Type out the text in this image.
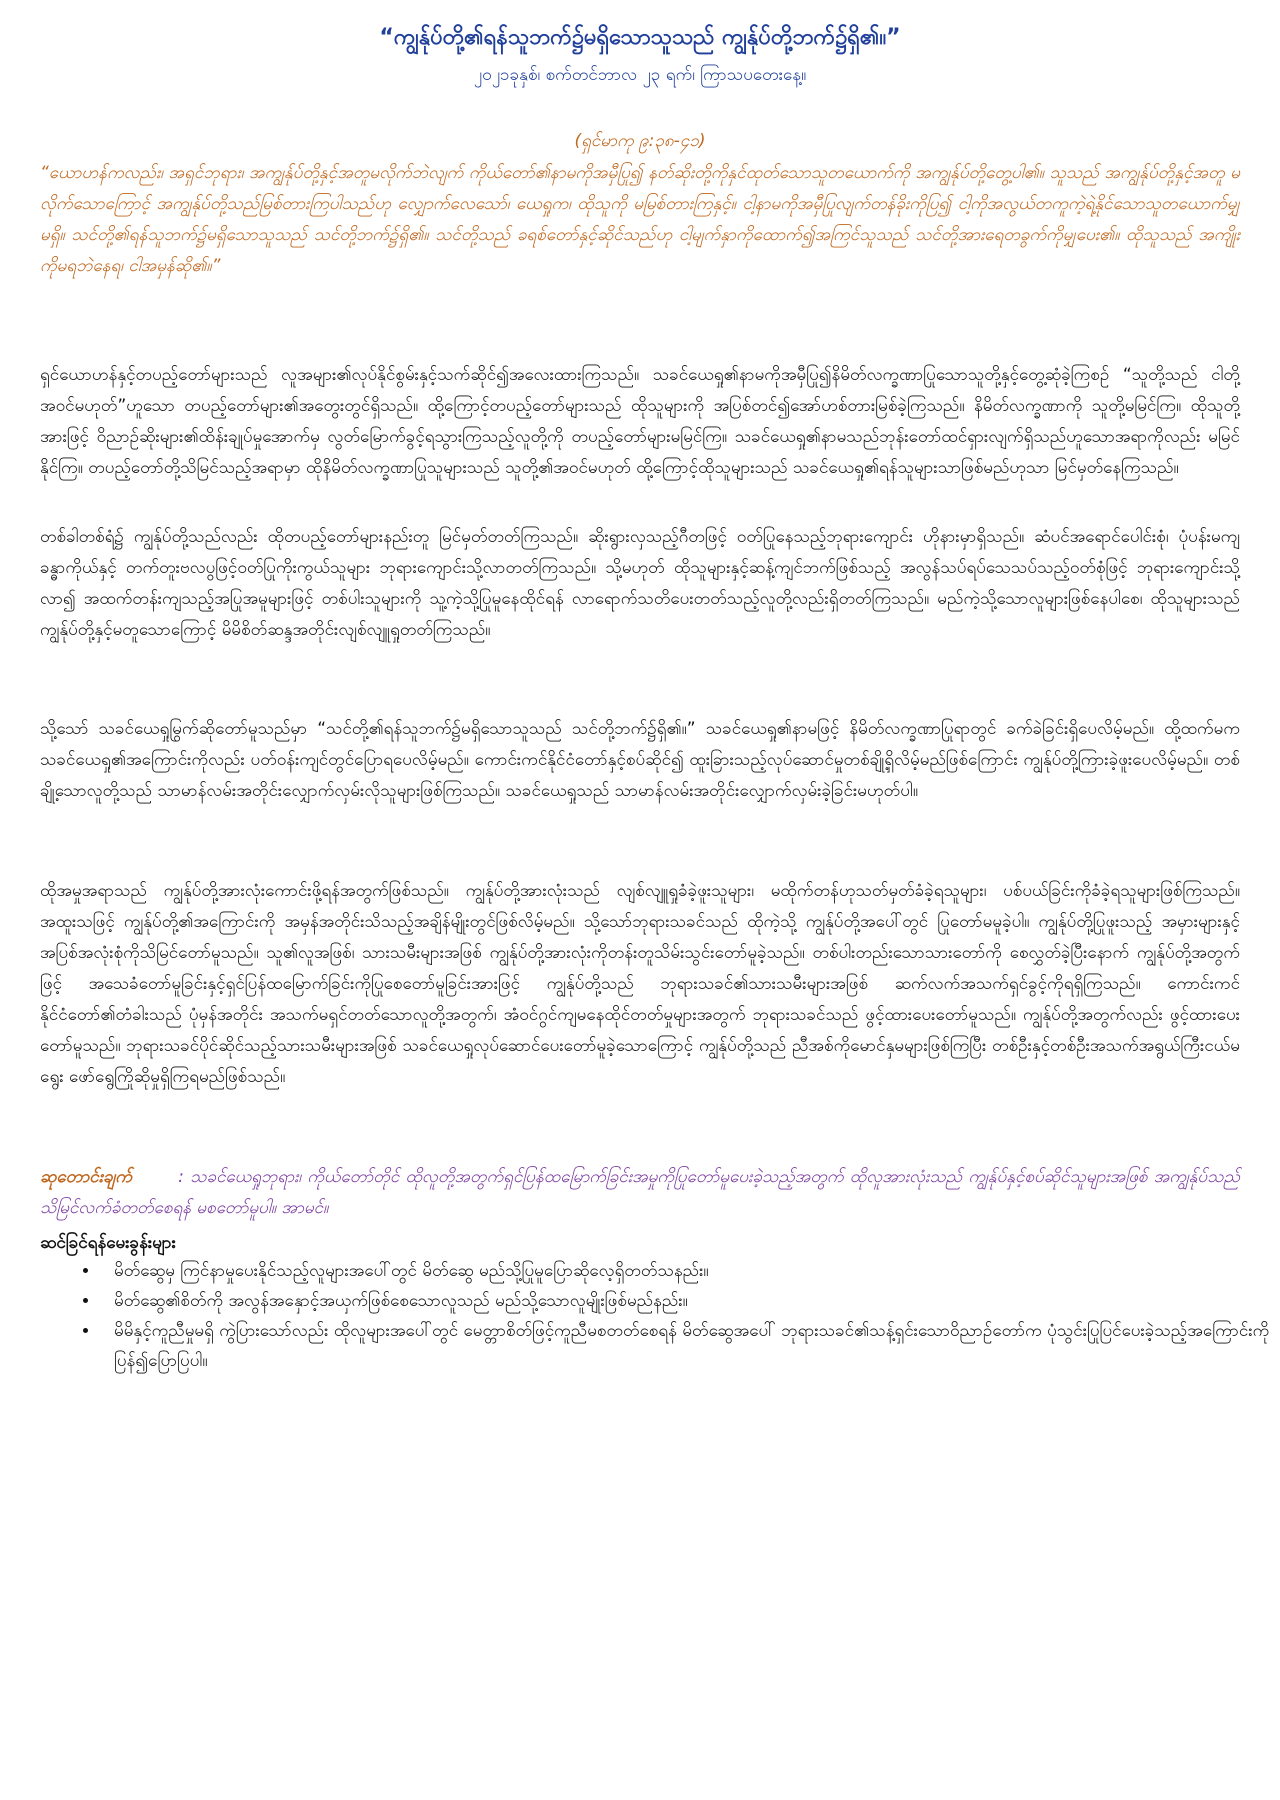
“ကျွန်ုပ်တို့၏ရန်သူဘက်၌မရှိသောသူသည် ကျွန်ုပ်တို့ဘက်၌ရှိ၏။”
၂၀၂၁ခုနှစ်၊ စက်တင်ဘာလ ၂၃ ရက်၊ ကြာသပတေးနေ့။
(ရှင်မာကု ၉:၃၈-၄၁)
“ယောဟန်ကလည်း၊ အရှင်ဘုရား၊ အကျွန်ုပ်တို့နှင့်အတူမလိုက်ဘဲလျက် ကိုယ်တော်၏နာမကိုအမှီပြု၍ နတ်ဆိုးတို့ကိုနှင်ထုတ်သောသူတယောက်ကို အကျွန်ုပ်တို့တွေ့ပါ၏။ သူသည် အကျွန်ုပ်တို့နှင့်အတူ မလိုက်သောကြောင့် အကျွန်ုပ်တို့သည်မြစ်တားကြပါသည်ဟု လျှောက်လေသော်၊ ယေရှုက၊ ထိုသူကို မမြစ်တားကြနှင့်။ ငါ့နာမကိုအမှီပြုလျက်တန်ခိုးကိုပြ၍ ငါ့ကိုအလွယ်တကူကဲ့ရဲ့နိုင်သောသူတယောက်မျှမရှိ။ သင်တို့၏ရန်သူဘက်၌မရှိသောသူသည် သင်တို့ဘက်၌ရှိ၏။ သင်တို့သည် ခရစ်တော်နှင့်ဆိုင်သည်ဟု ငါ့မျက်နှာကိုထောက်၍အကြင်သူသည် သင်တို့အားရေတခွက်ကိုမျှပေး၏။ ထိုသူသည် အကျိုးကိုမရဘဲနေရ၊ ငါအမှန်ဆို၏။”
ရှင်ယောဟန်နှင့်တပည့်တော်များသည် လူအများ၏လုပ်နိုင်စွမ်းနှင့်သက်ဆိုင်၍အလေးထားကြသည်။ သခင်ယေရှု၏နာမကိုအမှီပြု၍နိမိတ်လက္ခဏာပြုသောသူတို့နှင့်တွေ့ဆုံခဲ့ကြစဉ် “သူတို့သည် ငါတို့အဝင်မဟုတ်”ဟူသော တပည့်တော်များ၏အတွေးတွင်ရှိသည်။ ထို့ကြောင့်တပည့်တော်များသည် ထိုသူများကို အပြစ်တင်၍အော်ဟစ်တားမြစ်ခဲ့ကြသည်။ နိမိတ်လက္ခဏာကို သူတို့မမြင်ကြ။ ထိုသူတို့အားဖြင့် ဝိညာဉ်ဆိုးများ၏ထိန်းချုပ်မှုအောက်မှ လွတ်မြောက်ခွင့်ရသွားကြသည့်လူတို့ကို တပည့်တော်များမမြင်ကြ။ သခင်ယေရှု၏နာမသည်ဘုန်းတော်ထင်ရှားလျက်ရှိသည်ဟူသောအရာကိုလည်း မမြင်နိုင်ကြ။ တပည့်တော်တို့သိမြင်သည့်အရာမှာ ထိုနိမိတ်လက္ခဏာပြုသူများသည် သူတို့၏အဝင်မဟုတ် ထို့ကြောင့်ထိုသူများသည် သခင်ယေရှု၏ရန်သူများသာဖြစ်မည်ဟုသာ မြင်မှတ်နေကြသည်။
တစ်ခါတစ်ရံ၌ ကျွန်ုပ်တို့သည်လည်း ထိုတပည့်တော်များနည်းတူ မြင်မှတ်တတ်ကြသည်။ ဆိုးရွားလှသည့်ဂီတဖြင့် ဝတ်ပြုနေသည့်ဘုရားကျောင်း ဟိုနားမှာရှိသည်။ ဆံပင်အရောင်ပေါင်းစုံ၊ ပုံပန်းမကျခန္ဓာကိုယ်နှင့် တက်တူးဗလပွဖြင့်ဝတ်ပြုကိုးကွယ်သူများ ဘုရားကျောင်းသို့လာတတ်ကြသည်။ သို့မဟုတ် ထိုသူများနှင့်ဆန့်ကျင်ဘက်ဖြစ်သည့် အလွန်သပ်ရပ်သေသပ်သည့်ဝတ်စုံဖြင့် ဘုရားကျောင်းသို့လာ၍ အထက်တန်းကျသည့်အပြုအမူများဖြင့် တစ်ပါးသူများကို သူ့ကဲ့သို့ပြုမူနေထိုင်ရန် လာရောက်သတိပေးတတ်သည့်လူတို့လည်းရှိတတ်ကြသည်။ မည်ကဲ့သို့သောလူများဖြစ်နေပါစေ၊ ထိုသူများသည် ကျွန်ုပ်တို့နှင့်မတူသောကြောင့် မိမိစိတ်ဆန္ဒအတိုင်းလျစ်လျူရှုတတ်ကြသည်။
သို့သော် သခင်ယေရှုမြွက်ဆိုတော်မူသည်မှာ “သင်တို့၏ရန်သူဘက်၌မရှိသောသူသည် သင်တို့ဘက်၌ရှိ၏။” သခင်ယေရှု၏နာမဖြင့် နိမိတ်လက္ခဏာပြုရာတွင် ခက်ခဲခြင်းရှိပေလိမ့်မည်။ ထို့ထက်မက သခင်ယေရှု၏အကြောင်းကိုလည်း ပတ်ဝန်းကျင်တွင်ပြောရပေလိမ့်မည်။ ကောင်းကင်နိုင်ငံတော်နှင့်စပ်ဆိုင်၍ ထူးခြားသည့်လုပ်ဆောင်မှုတစ်ချို့ရှိလိမ့်မည်ဖြစ်ကြောင်း ကျွန်ုပ်တို့ကြားခဲ့ဖူးပေလိမ့်မည်။ တစ်ချို့သောလူတို့သည် သာမာန်လမ်းအတိုင်းလျှောက်လှမ်းလိုသူများဖြစ်ကြသည်။ သခင်ယေရှုသည် သာမာန်လမ်းအတိုင်းလျှောက်လှမ်းခဲ့ခြင်းမဟုတ်ပါ။
ထိုအမှုအရာသည် ကျွန်ုပ်တို့အားလုံးကောင်းဖို့ရန်အတွက်ဖြစ်သည်။ ကျွန်ုပ်တို့အားလုံးသည် လျစ်လျူရှုခံခဲ့ဖူးသူများ၊ မထိုက်တန်ဟုသတ်မှတ်ခံခဲ့ရသူများ၊ ပစ်ပယ်ခြင်းကိုခံခဲ့ရသူများဖြစ်ကြသည်။ အထူးသဖြင့် ကျွန်ုပ်တို့၏အကြောင်းကို အမှန်အတိုင်းသိသည့်အချိန်မျိုးတွင်ဖြစ်လိမ့်မည်။ သို့သော်ဘုရားသခင်သည် ထိုကဲ့သို့ ကျွန်ုပ်တို့အပေါ်တွင် ပြုတော်မမူခဲ့ပါ။ ကျွန်ုပ်တို့ပြုဖူးသည့် အမှားများနှင့်အပြစ်အလုံးစုံကိုသိမြင်တော်မူသည်။ သူ၏လူအဖြစ်၊ သားသမီးများအဖြစ် ကျွန်ုပ်တို့အားလုံးကိုတန်းတူသိမ်းသွင်းတော်မူခဲ့သည်။ တစ်ပါးတည်းသောသားတော်ကို စေလွှတ်ခဲ့ပြီးနောက် ကျွန်ုပ်တို့အတွက်ဖြင့် အသေခံတော်မူခြင်းနှင့်ရှင်ပြန်ထမြောက်ခြင်းကိုပြုစေတော်မူခြင်းအားဖြင့် ကျွန်ုပ်တို့သည် ဘုရားသခင်၏သားသမီးများအဖြစ် ဆက်လက်အသက်ရှင်ခွင့်ကိုရရှိကြသည်။ ကောင်းကင်နိုင်ငံတော်၏တံခါးသည် ပုံမှန်အတိုင်း အသက်မရှင်တတ်သောလူတို့အတွက်၊ အံဝင်ဂွင်ကျမနေထိုင်တတ်မှုများအတွက် ဘုရားသခင်သည် ဖွင့်ထားပေးတော်မူသည်။ ကျွန်ုပ်တို့အတွက်လည်း ဖွင့်ထားပေးတော်မူသည်။ ဘုရားသခင်ပိုင်ဆိုင်သည့်သားသမီးများအဖြစ် သခင်ယေရှုလုပ်ဆောင်ပေးတော်မူခဲ့သောကြောင့် ကျွန်ုပ်တို့သည် ညီအစ်ကိုမောင်နှမများဖြစ်ကြပြီး တစ်ဦးနှင့်တစ်ဦးအသက်အရွယ်ကြီးငယ်မရွေး ဖော်ရွေကြိုဆိုမှုရှိကြရမည်ဖြစ်သည်။
ဆုတောင်းချက်	: သခင်ယေရှုဘုရား၊ ကိုယ်တော်တိုင် ထိုလူတို့အတွက်ရှင်ပြန်ထမြောက်ခြင်းအမှုကိုပြုတော်မူပေးခဲ့သည့်အတွက် ထိုလူအားလုံးသည် ကျွန်ုပ်နှင့်စပ်ဆိုင်သူများအဖြစ် အကျွန်ုပ်သည် သိမြင်လက်ခံတတ်စေရန် မစတော်မူပါ။ အာမင်။
ဆင်ခြင်ရန်မေးခွန်းများ
• မိတ်ဆွေမှ ကြင်နာမှုပေးနိုင်သည့်လူများအပေါ်တွင် မိတ်ဆွေ မည်သို့ပြုမူပြောဆိုလေ့ရှိတတ်သနည်း။
• မိတ်ဆွေ၏စိတ်ကို အလွန်အနှောင့်အယှက်ဖြစ်စေသောလူသည် မည်သို့သောလူမျိုးဖြစ်မည်နည်း။
• မိမိနှင့်ကူညီမှုမရှိ ကွဲပြားသော်လည်း ထိုလူများအပေါ်တွင် မေတ္တာစိတ်ဖြင့်ကူညီမစတတ်စေရန် မိတ်ဆွေအပေါ် ဘုရားသခင်၏သန့်ရှင်းသောဝိညာဉ်တော်က ပုံသွင်းပြုပြင်ပေးခဲ့သည့်အကြောင်းကို ပြန်၍ပြောပြပါ။
